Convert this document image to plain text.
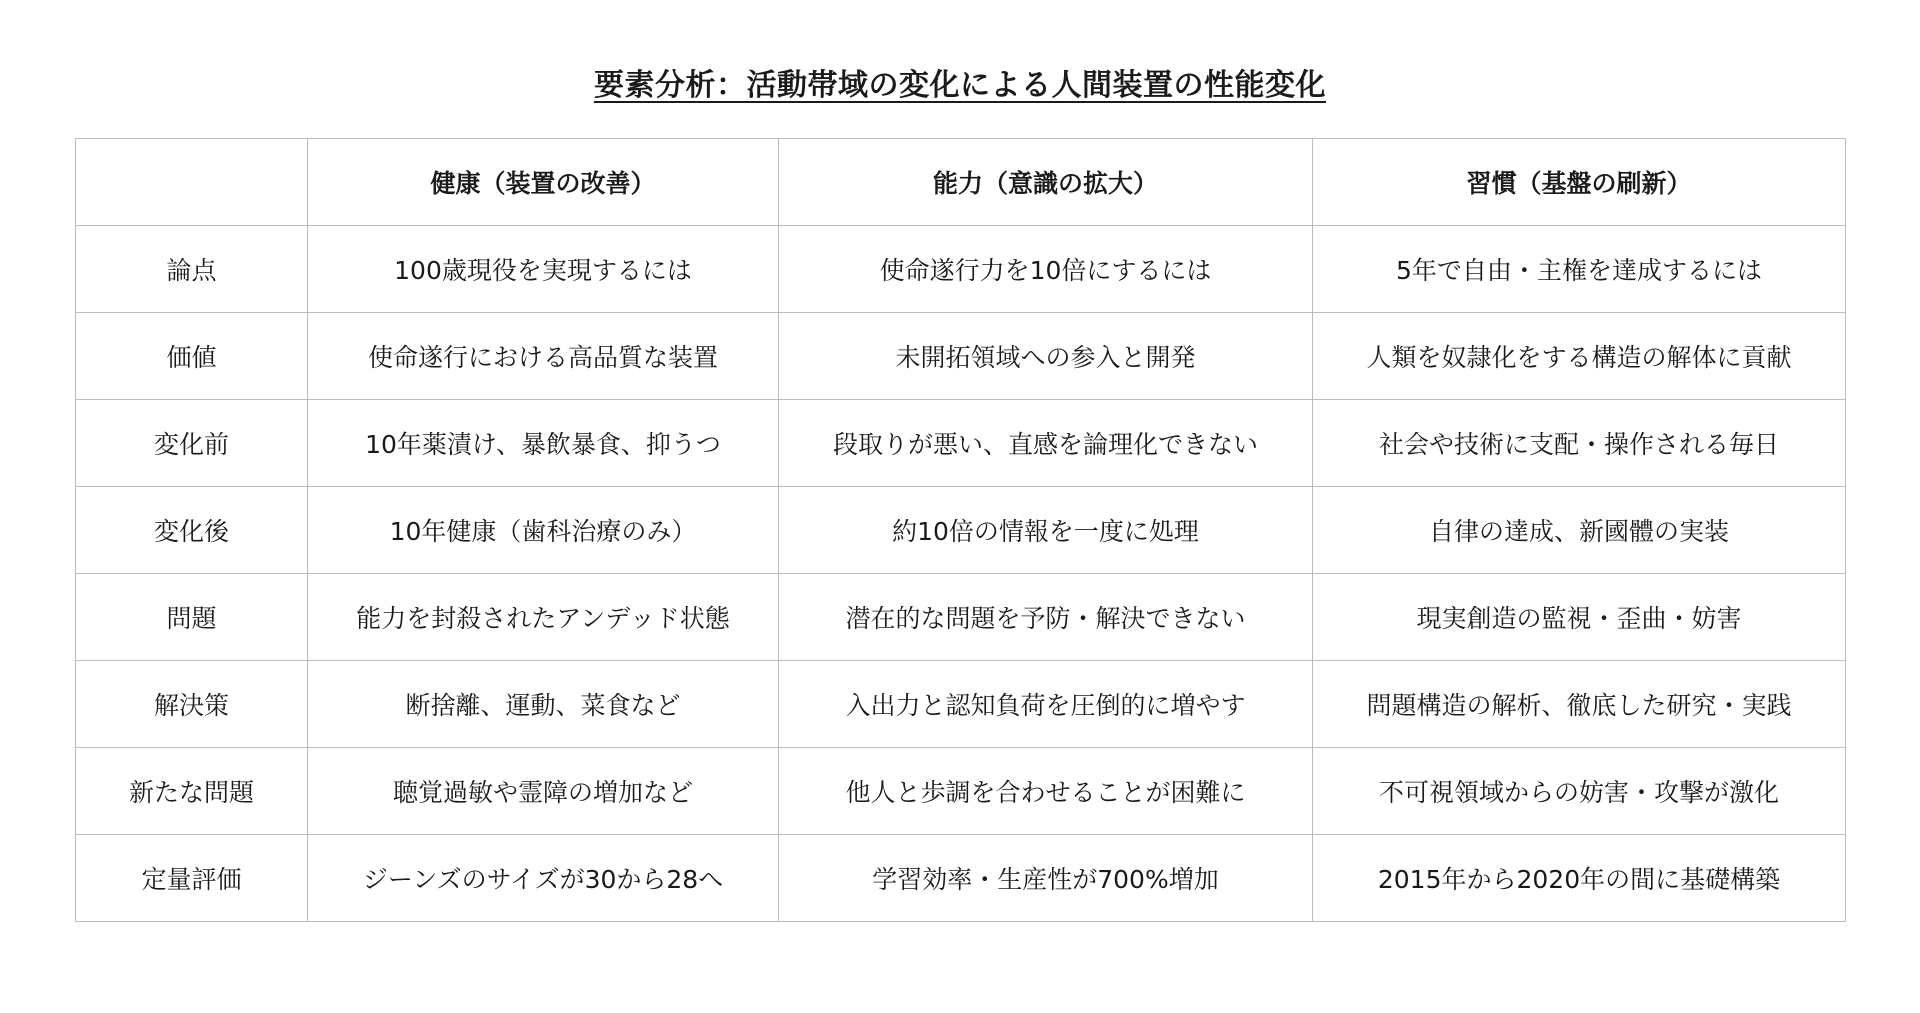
要素分析：活動帯域の変化による人間装置の性能変化
	健康（装置の改善）	能力（意識の拡大）	習慣（基盤の刷新）
論点	100歳現役を実現するには	使命遂行力を10倍にするには	5年で自由・主権を達成するには
価値	使命遂行における高品質な装置	未開拓領域への参入と開発	人類を奴隷化をする構造の解体に貢献
変化前	10年薬漬け、暴飲暴食、抑うつ	段取りが悪い、直感を論理化できない	社会や技術に支配・操作される毎日
変化後	10年健康（歯科治療のみ）	約10倍の情報を一度に処理	自律の達成、新國體の実装
問題	能力を封殺されたアンデッド状態	潜在的な問題を予防・解決できない	現実創造の監視・歪曲・妨害
解決策	断捨離、運動、菜食など	入出力と認知負荷を圧倒的に増やす	問題構造の解析、徹底した研究・実践
新たな問題	聴覚過敏や霊障の増加など	他人と歩調を合わせることが困難に	不可視領域からの妨害・攻撃が激化
定量評価	ジーンズのサイズが30から28へ	学習効率・生産性が700%増加	2015年から2020年の間に基礎構築
